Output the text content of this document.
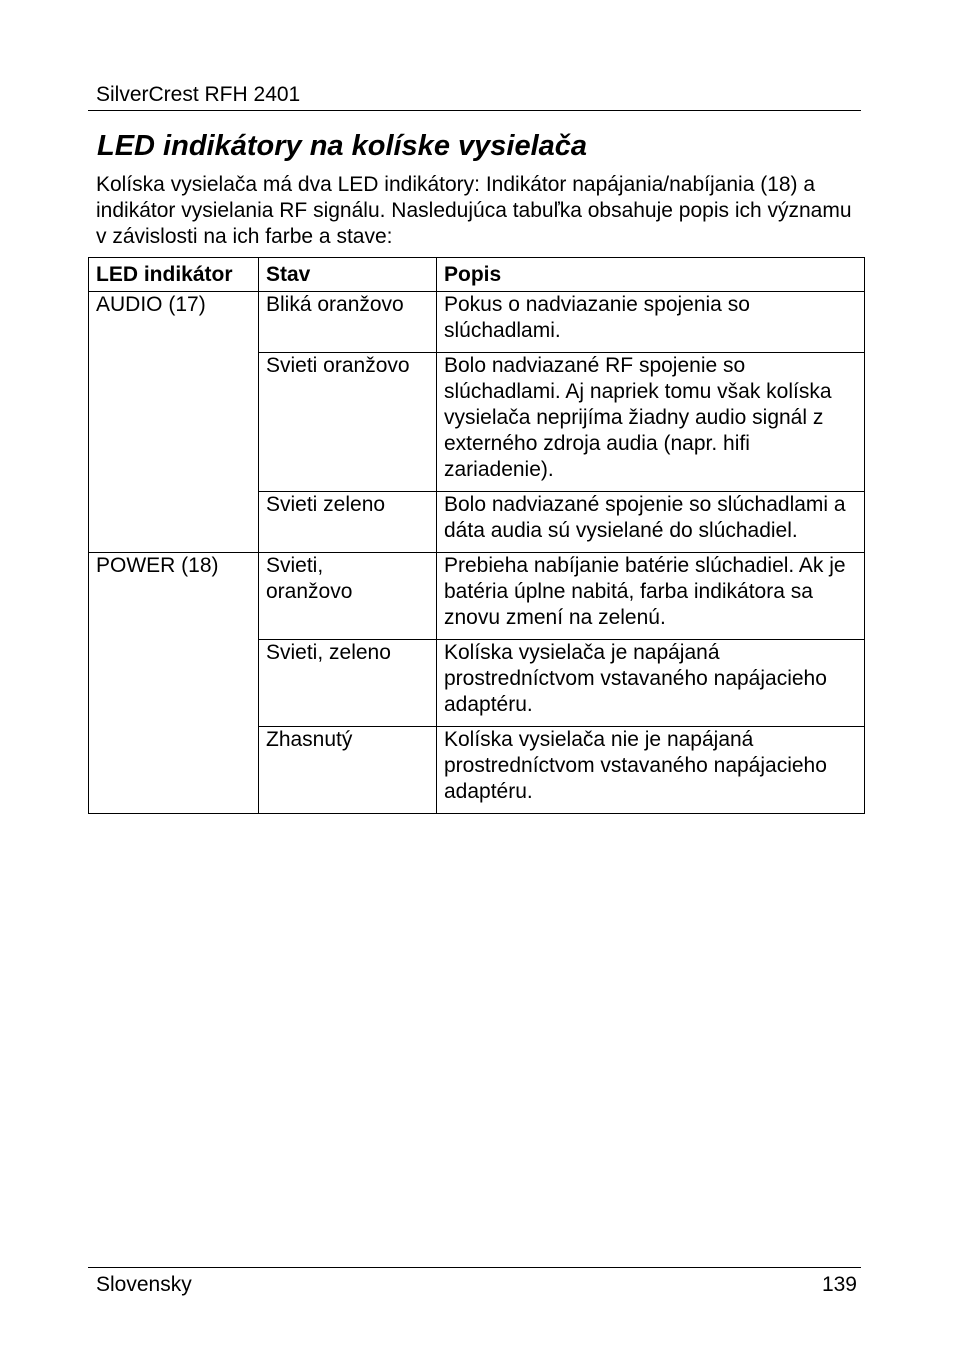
SilverCrest RFH 2401
LED indikátory na kolíske vysielača

Kolíska vysielača má dva LED indikátory: Indikátor napájania/nabíjania (18) a indikátor vysielania RF signálu. Nasledujúca tabuľka obsahuje popis ich významu v závislosti na ich farbe a stave:

LED indikátor	Stav	Popis
AUDIO (17)	Bliká oranžovo	Pokus o nadviazanie spojenia so slúchadlami.
	Svieti oranžovo	Bolo nadviazané RF spojenie so slúchadlami. Aj napriek tomu však kolíska vysielača neprijíma žiadny audio signál z externého zdroja audia (napr. hifi zariadenie).
	Svieti zeleno	Bolo nadviazané spojenie so slúchadlami a dáta audia sú vysielané do slúchadiel.
POWER (18)	Svieti, oranžovo	Prebieha nabíjanie batérie slúchadiel. Ak je batéria úplne nabitá, farba indikátora sa znovu zmení na zelenú.
	Svieti, zeleno	Kolíska vysielača je napájaná prostredníctvom vstavaného napájacieho adaptéru.
	Zhasnutý	Kolíska vysielača nie je napájaná prostredníctvom vstavaného napájacieho adaptéru.
Slovensky	139
